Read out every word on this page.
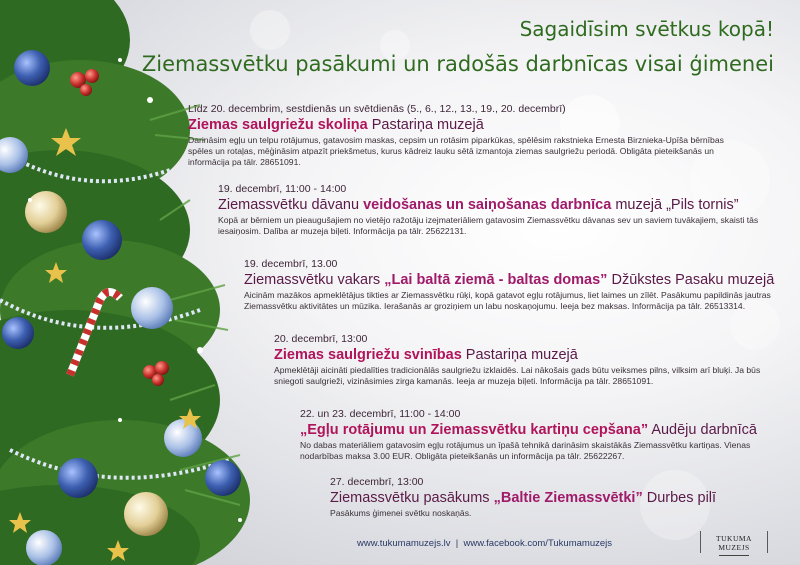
Sagaidīsim svētkus kopā!
Ziemassvētku pasākumi un radošās darbnīcas visai ģimenei
Līdz 20. decembrim, sestdienās un svētdienās (5., 6., 12., 13., 19., 20. decembrī)
Ziemas saulgriežu skoliņa Pastariņa muzejā
Darināsim egļu un telpu rotājumus, gatavosim maskas, cepsim un rotāsim piparkūkas, spēlēsim rakstnieka Ernesta Birznieka-Upīša bērnības spēles un rotaļas, mēģināsim atpazīt priekšmetus, kurus kādreiz lauku sētā izmantoja ziemas saulgriežu periodā. Obligāta pieteikšanās un informācija pa tālr. 28651091.
19. decembrī, 11:00 - 14:00
Ziemassvētku dāvanu veidošanas un saiņošanas darbnīca muzejā „Pils tornis”
Kopā ar bērniem un pieaugušajiem no vietējo ražotāju izejmateriāliem gatavosim Ziemassvētku dāvanas sev un saviem tuvākajiem, skaisti tās iesaiņosim. Dalība ar muzeja biļeti. Informācija pa tālr. 25622131.
19. decembrī, 13.00
Ziemassvētku vakars „Lai baltā ziemā - baltas domas” Džūkstes Pasaku muzejā
Aicinām mazākos apmeklētājus tikties ar Ziemassvētku rūķi, kopā gatavot egļu rotājumus, liet laimes un zīlēt. Pasākumu papildinās jautras Ziemassvētku aktivitātes un mūzika. Ierašanās ar groziņiem un labu noskaņojumu. Ieeja bez maksas. Informācija pa tālr. 26513314.
20. decembrī, 13:00
Ziemas saulgriežu svinības Pastariņa muzejā
Apmeklētāji aicināti piedalīties tradicionālās saulgriežu izklaidēs. Lai nākošais gads būtu veiksmes pilns, vilksim arī bluķi. Ja būs sniegoti saulgrieži, vizināsimies zirga kamanās. Ieeja ar muzeja biļeti. Informācija pa tālr. 28651091.
22. un 23. decembrī, 11:00 - 14:00
„Egļu rotājumu un Ziemassvētku kartiņu cepšana” Audēju darbnīcā
No dabas materiāliem gatavosim egļu rotājumus un īpašā tehnikā darināsim skaistākās Ziemassvētku kartiņas. Vienas nodarbības maksa 3.00 EUR. Obligāta pieteikšanās un informācija pa tālr. 25622267.
27. decembrī, 13:00
Ziemassvētku pasākums „Baltie Ziemassvētki” Durbes pilī
Pasākums ģimenei svētku noskaņās.
www.tukumamuzejs.lv  |  www.facebook.com/Tukumamuzejs	TUKUMA MUZEJS
